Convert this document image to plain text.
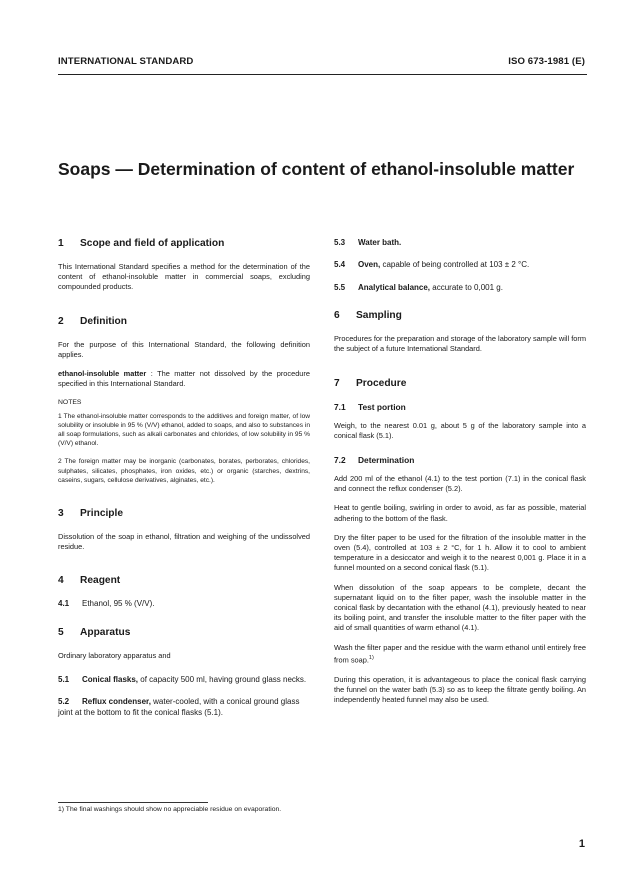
INTERNATIONAL STANDARD	ISO 673-1981 (E)
Soaps — Determination of content of ethanol-insoluble matter
1 Scope and field of application

This International Standard specifies a method for the determination of the content of ethanol-insoluble matter in commercial soaps, excluding compounded products.

2 Definition

For the purpose of this International Standard, the following definition applies.

ethanol-insoluble matter : The matter not dissolved by the procedure specified in this International Standard.

NOTES

1 The ethanol-insoluble matter corresponds to the additives and foreign matter, of low solubility or insoluble in 95 % (V/V) ethanol, added to soaps, and also to substances in all soap formulations, such as alkali carbonates and chlorides, of low solubility in 95 % (V/V) ethanol.

2 The foreign matter may be inorganic (carbonates, borates, perborates, chlorides, sulphates, silicates, phosphates, iron oxides, etc.) or organic (starches, dextrins, caseins, sugars, cellulose derivatives, alginates, etc.).

3 Principle

Dissolution of the soap in ethanol, filtration and weighing of the undissolved residue.

4 Reagent
4.1 Ethanol, 95 % (V/V).
5 Apparatus

Ordinary laboratory apparatus and

5.1 Conical flasks, of capacity 500 ml, having ground glass necks.
5.2 Reflux condenser, water-cooled, with a conical ground glass joint at the bottom to fit the conical flasks (5.1).
5.3 Water bath.
5.4 Oven, capable of being controlled at 103 ± 2 °C.
5.5 Analytical balance, accurate to 0,001 g.
6 Sampling

Procedures for the preparation and storage of the laboratory sample will form the subject of a future International Standard.

7 Procedure
7.1 Test portion

Weigh, to the nearest 0.01 g, about 5 g of the laboratory sample into a conical flask (5.1).

7.2 Determination

Add 200 ml of the ethanol (4.1) to the test portion (7.1) in the conical flask and connect the reflux condenser (5.2).

Heat to gentle boiling, swirling in order to avoid, as far as possible, material adhering to the bottom of the flask.

Dry the filter paper to be used for the filtration of the insoluble matter in the oven (5.4), controlled at 103 ± 2 °C, for 1 h. Allow it to cool to ambient temperature in a desiccator and weigh it to the nearest 0,001 g. Place it in a funnel mounted on a second conical flask (5.1).

When dissolution of the soap appears to be complete, decant the supernatant liquid on to the filter paper, wash the insoluble matter in the conical flask by decantation with the ethanol (4.1), previously heated to near its boiling point, and transfer the insoluble matter to the filter paper with the aid of small quantities of warm ethanol (4.1).

Wash the filter paper and the residue with the warm ethanol until entirely free from soap.$^{1)}$

During this operation, it is advantageous to place the conical flask carrying the funnel on the water bath (5.3) so as to keep the filtrate gently boiling. An independently heated funnel may also be used.

1) The final washings should show no appreciable residue on evaporation.
1
